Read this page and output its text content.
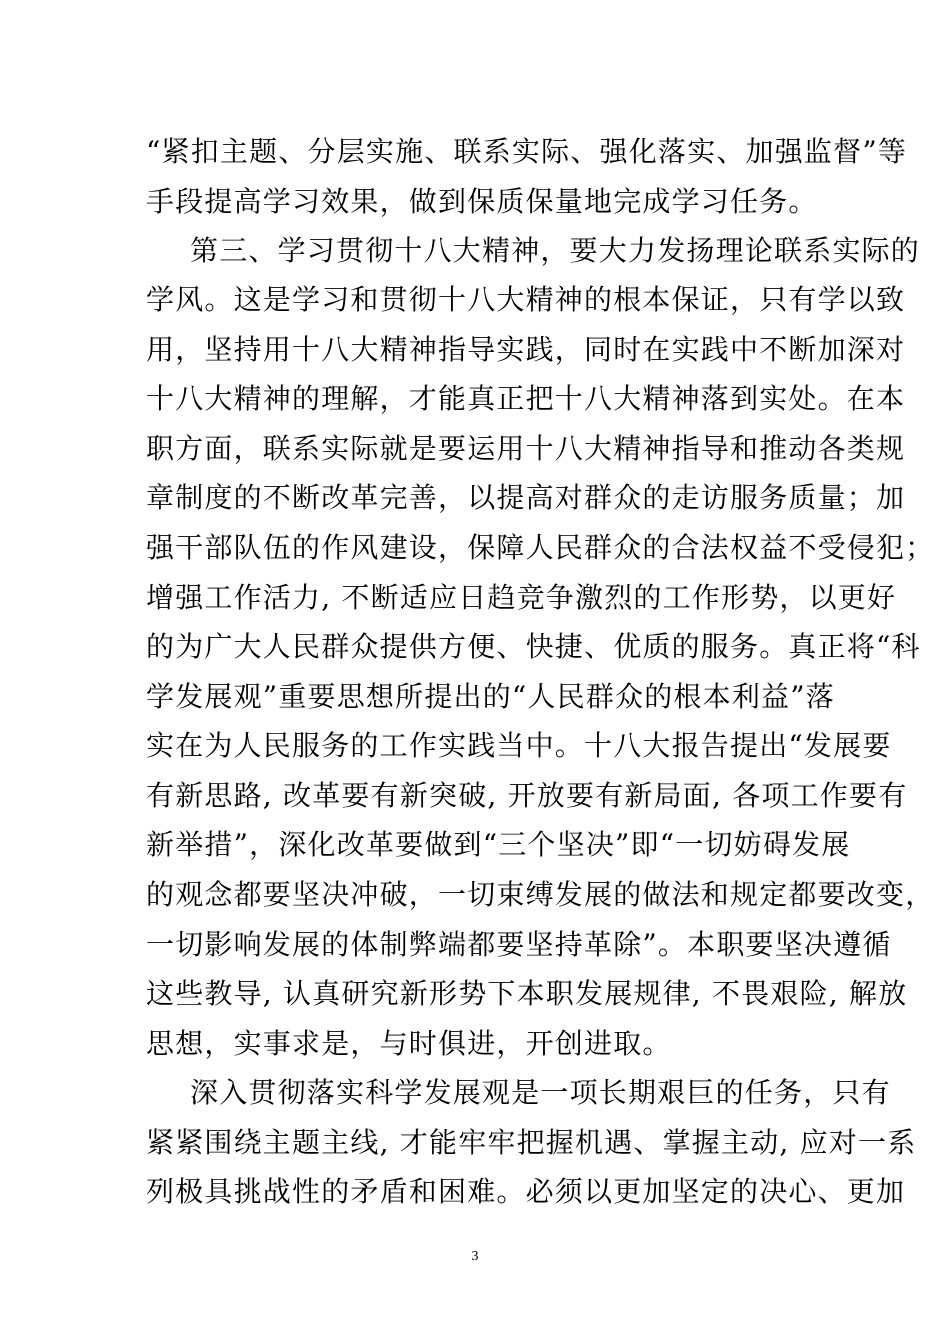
“紧扣主题、分层实施、联系实际、强化落实、加强监督”等
手段提高学习效果，做到保质保量地完成学习任务。
第三、学习贯彻十八大精神，要大力发扬理论联系实际的
学风。这是学习和贯彻十八大精神的根本保证，只有学以致
用，坚持用十八大精神指导实践，同时在实践中不断加深对
十八大精神的理解，才能真正把十八大精神落到实处。在本
职方面，联系实际就是要运用十八大精神指导和推动各类规
章制度的不断改革完善，以提高对群众的走访服务质量；加
强干部队伍的作风建设，保障人民群众的合法权益不受侵犯；
增强工作活力, 不断适应日趋竞争激烈的工作形势，以更好
的为广大人民群众提供方便、快捷、优质的服务。真正将“科
学发展观”重要思想所提出的“人民群众的根本利益”落
实在为人民服务的工作实践当中。十八大报告提出“发展要
有新思路, 改革要有新突破, 开放要有新局面, 各项工作要有
新举措”，深化改革要做到“三个坚决”即“一切妨碍发展
的观念都要坚决冲破，一切束缚发展的做法和规定都要改变，
一切影响发展的体制弊端都要坚持革除”。本职要坚决遵循
这些教导, 认真研究新形势下本职发展规律, 不畏艰险, 解放
思想，实事求是，与时俱进，开创进取。
深入贯彻落实科学发展观是一项长期艰巨的任务，只有
紧紧围绕主题主线, 才能牢牢把握机遇、掌握主动, 应对一系
列极具挑战性的矛盾和困难。必须以更加坚定的决心、更加
3
